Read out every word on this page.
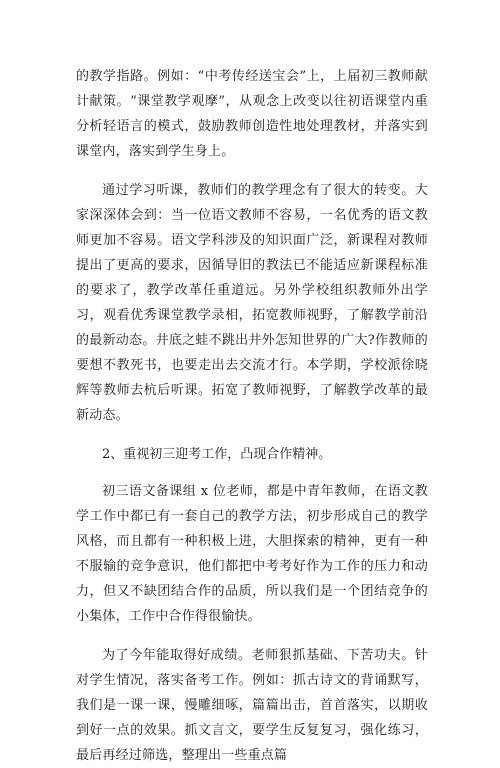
的教学指路。例如：“中考传经送宝会”上，上届初三教师献计献策。“课堂教学观摩”，从观念上改变以往初语课堂内重分析轻语言的模式，鼓励教师创造性地处理教材，并落实到课堂内，落实到学生身上。

通过学习听课，教师们的教学理念有了很大的转变。大家深深体会到：当一位语文教师不容易，一名优秀的语文教师更加不容易。语文学科涉及的知识面广泛，新课程对教师提出了更高的要求，因循导旧的教法已不能适应新课程标准的要求了，教学改革任重道远。另外学校组织教师外出学习，观看优秀课堂教学录相，拓宽教师视野，了解教学前沿的最新动态。井底之蛙不跳出井外怎知世界的广大?作教师的要想不教死书，也要走出去交流才行。本学期，学校派徐晓辉等教师去杭后听课。拓宽了教师视野，了解教学改革的最新动态。

2、重视初三迎考工作，凸现合作精神。

初三语文备课组 x 位老师，都是中青年教师，在语文教学工作中都已有一套自己的教学方法，初步形成自己的教学风格，而且都有一种积极上进，大胆探索的精神，更有一种不服输的竞争意识，他们都把中考考好作为工作的压力和动力，但又不缺团结合作的品质，所以我们是一个团结竞争的小集体，工作中合作得很愉快。

为了今年能取得好成绩。老师狠抓基础、下苦功夫。针对学生情况，落实备考工作。例如：抓古诗文的背诵默写，我们是一课一课，慢雕细啄，篇篇出击，首首落实，以期收到好一点的效果。抓文言文，要学生反复复习，强化练习，最后再经过筛选，整理出一些重点篇
